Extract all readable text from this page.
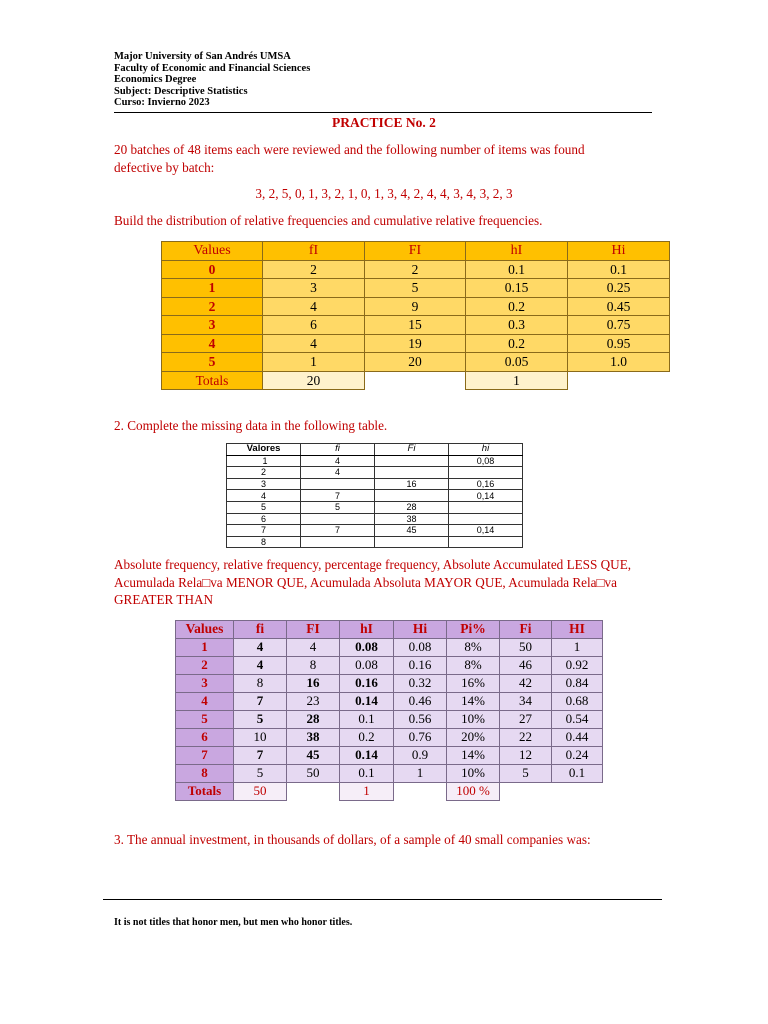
Major University of San Andrés UMSA
Faculty of Economic and Financial Sciences
Economics Degree
Subject: Descriptive Statistics
Curso: Invierno 2023
PRACTICE No. 2
20 batches of 48 items each were reviewed and the following number of items was found defective by batch:
3, 2, 5, 0, 1, 3, 2, 1, 0, 1, 3, 4, 2, 4, 4, 3, 4, 3, 2, 3
Build the distribution of relative frequencies and cumulative relative frequencies.
Values	fI	FI	hI	Hi
0	2	2	0.1	0.1
1	3	5	0.15	0.25
2	4	9	0.2	0.45
3	6	15	0.3	0.75
4	4	19	0.2	0.95
5	1	20	0.05	1.0
Totals	20		1	
2. Complete the missing data in the following table.
Valores	fi	Fi	hi
1	4		0,08
2	4		
3		16	0,16
4	7		0,14
5	5	28	
6		38	
7	7	45	0,14
8			
Absolute frequency, relative frequency, percentage frequency, Absolute Accumulated LESS QUE, Acumulada Rela□va MENOR QUE, Acumulada Absoluta MAYOR QUE, Acumulada Rela□va GREATER THAN
Values	fi	FI	hI	Hi	Pi%	Fi	HI
1	4	4	0.08	0.08	8%	50	1
2	4	8	0.08	0.16	8%	46	0.92
3	8	16	0.16	0.32	16%	42	0.84
4	7	23	0.14	0.46	14%	34	0.68
5	5	28	0.1	0.56	10%	27	0.54
6	10	38	0.2	0.76	20%	22	0.44
7	7	45	0.14	0.9	14%	12	0.24
8	5	50	0.1	1	10%	5	0.1
Totals	50		1		100 %		
3. The annual investment, in thousands of dollars, of a sample of 40 small companies was:
It is not titles that honor men, but men who honor titles.
